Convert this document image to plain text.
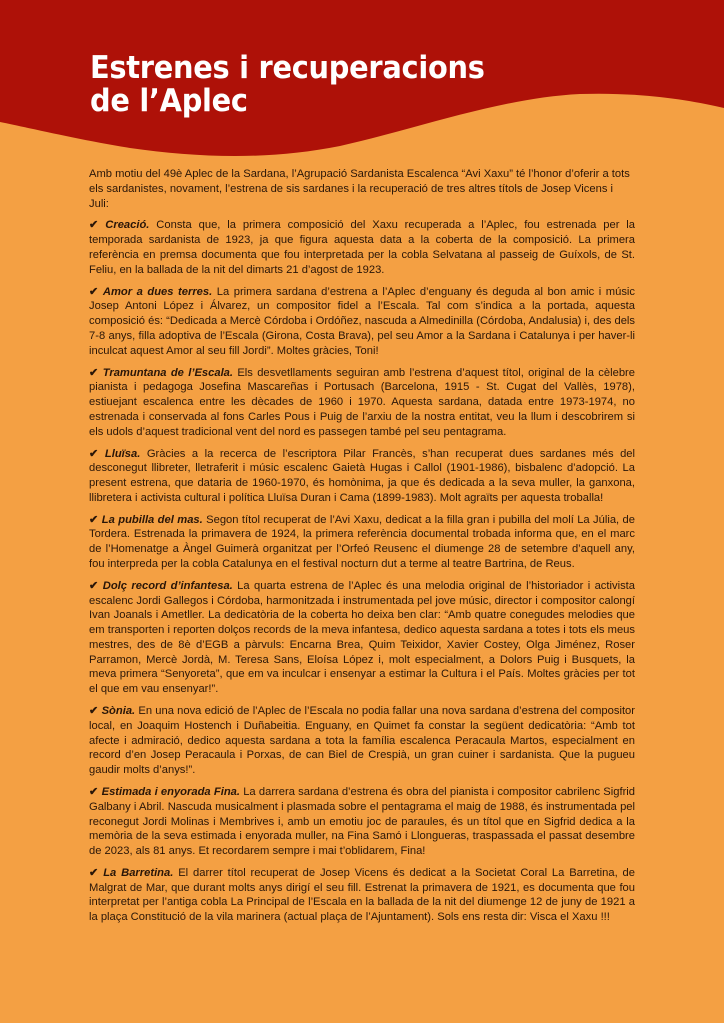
Estrenes i recuperacions
de l’Aplec

Amb motiu del 49è Aplec de la Sardana, l’Agrupació Sardanista Escalenca “Avi Xaxu” té l’honor d’oferir a tots els sardanistes, novament, l’estrena de sis sardanes i la recuperació de tres altres títols de Josep Vicens i Juli:

✔ Creació. Consta que, la primera composició del Xaxu recuperada a l’Aplec, fou estrenada per la temporada sardanista de 1923, ja que figura aquesta data a la coberta de la composició. La primera referència en premsa documenta que fou interpretada per la cobla Selvatana al passeig de Guíxols, de St. Feliu, en la ballada de la nit del dimarts 21 d’agost de 1923.

✔ Amor a dues terres. La primera sardana d’estrena a l’Aplec d’enguany és deguda al bon amic i músic Josep Antoni López i Álvarez, un compositor fidel a l’Escala. Tal com s’indica a la portada, aquesta composició és: “Dedicada a Mercè Córdoba i Ordóñez, nascuda a Almedinilla (Córdoba, Andalusia) i, des dels 7-8 anys, filla adoptiva de l’Escala (Girona, Costa Brava), pel seu Amor a la Sardana i Catalunya i per haver-li inculcat aquest Amor al seu fill Jordi”. Moltes gràcies, Toni!

✔ Tramuntana de l’Escala. Els desvetllaments seguiran amb l’estrena d’aquest títol, original de la cèlebre pianista i pedagoga Josefina Mascareñas i Portusach (Barcelona, 1915 - St. Cugat del Vallès, 1978), estiuejant escalenca entre les dècades de 1960 i 1970. Aquesta sardana, datada entre 1973-1974, no estrenada i conservada al fons Carles Pous i Puig de l’arxiu de la nostra entitat, veu la llum i descobrirem si els udols d’aquest tradicional vent del nord es passegen també pel seu pentagrama.

✔ Lluïsa. Gràcies a la recerca de l’escriptora Pilar Francès, s’han recuperat dues sardanes més del desconegut llibreter, lletraferit i músic escalenc Gaietà Hugas i Callol (1901-1986), bisbalenc d’adopció. La present estrena, que dataria de 1960-1970, és homònima, ja que és dedicada a la seva muller, la ganxona, llibretera i activista cultural i política Lluïsa Duran i Cama (1899-1983). Molt agraïts per aquesta troballa!

✔ La pubilla del mas. Segon títol recuperat de l’Avi Xaxu, dedicat a la filla gran i pubilla del molí La Júlia, de Tordera. Estrenada la primavera de 1924, la primera referència documental trobada informa que, en el marc de l’Homenatge a Àngel Guimerà organitzat per l’Orfeó Reusenc el diumenge 28 de setembre d’aquell any, fou interpreda per la cobla Catalunya en el festival nocturn dut a terme al teatre Bartrina, de Reus.

✔ Dolç record d’infantesa. La quarta estrena de l’Aplec és una melodia original de l’historiador i activista escalenc Jordi Gallegos i Córdoba, harmonitzada i instrumentada pel jove músic, director i compositor calongí Ivan Joanals i Ametller. La dedicatòria de la coberta ho deixa ben clar: “Amb quatre conegudes melodies que em transporten i reporten dolços records de la meva infantesa, dedico aquesta sardana a totes i tots els meus mestres, des de 8è d’EGB a pàrvuls: Encarna Brea, Quim Teixidor, Xavier Costey, Olga Jiménez, Roser Parramon, Mercè Jordà, M. Teresa Sans, Eloísa López i, molt especialment, a Dolors Puig i Busquets, la meva primera “Senyoreta”, que em va inculcar i ensenyar a estimar la Cultura i el País. Moltes gràcies per tot el que em vau ensenyar!”.

✔ Sònia. En una nova edició de l’Aplec de l’Escala no podia fallar una nova sardana d’estrena del compositor local, en Joaquim Hostench i Duñabeitia. Enguany, en Quimet fa constar la següent dedicatòria: “Amb tot afecte i admiració, dedico aquesta sardana a tota la família escalenca Peracaula Martos, especialment en record d’en Josep Peracaula i Porxas, de can Biel de Crespià, un gran cuiner i sardanista. Que la pugueu gaudir molts d’anys!”.

✔ Estimada i enyorada Fina. La darrera sardana d’estrena és obra del pianista i compositor cabrilenc Sigfrid Galbany i Abril. Nascuda musicalment i plasmada sobre el pentagrama el maig de 1988, és instrumentada pel reconegut Jordi Molinas i Membrives i, amb un emotiu joc de paraules, és un títol que en Sigfrid dedica a la memòria de la seva estimada i enyorada muller, na Fina Samó i Llongueras, traspassada el passat desembre de 2023, als 81 anys. Et recordarem sempre i mai t’oblidarem, Fina!

✔ La Barretina. El darrer títol recuperat de Josep Vicens és dedicat a la Societat Coral La Barretina, de Malgrat de Mar, que durant molts anys dirigí el seu fill. Estrenat la primavera de 1921, es documenta que fou interpretat per l’antiga cobla La Principal de l’Escala en la ballada de la nit del diumenge 12 de juny de 1921 a la plaça Constitució de la vila marinera (actual plaça de l’Ajuntament). Sols ens resta dir: Visca el Xaxu !!!
